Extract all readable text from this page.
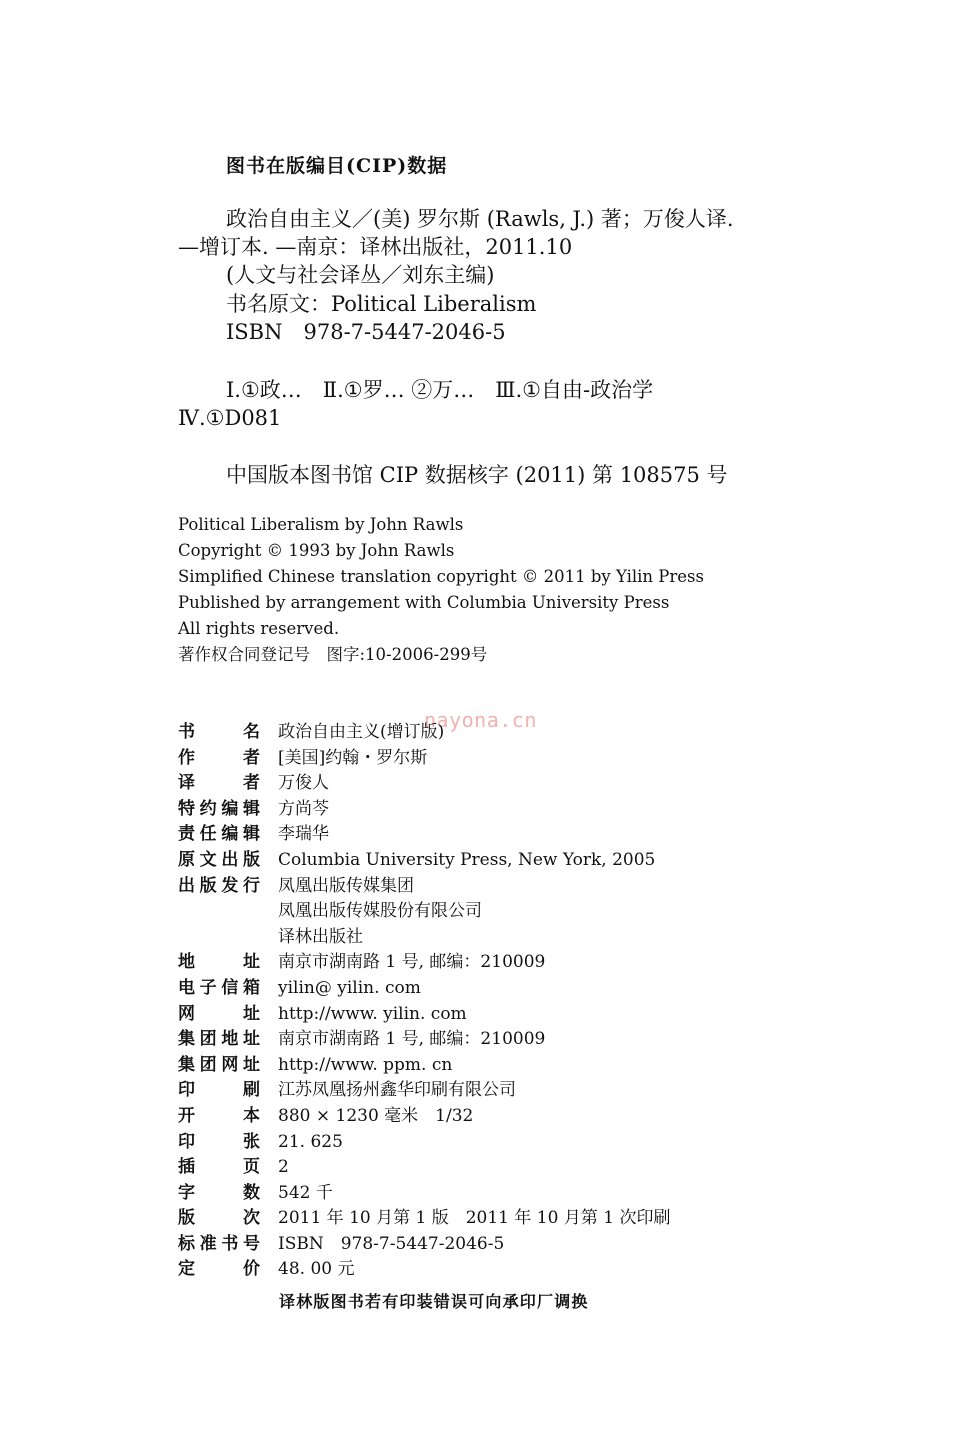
图书在版编目(CIP)数据
政治自由主义／(美) 罗尔斯 (Rawls, J.) 著；万俊人译.
—增订本. —南京：译林出版社，2011.10
(人文与社会译丛／刘东主编)
书名原文：Political Liberalism
ISBN　978-7-5447-2046-5
Ⅰ.①政…　Ⅱ.①罗… ②万…　Ⅲ.①自由-政治学
Ⅳ.①D081
中国版本图书馆 CIP 数据核字 (2011) 第 108575 号
Political Liberalism by John Rawls
Copyright © 1993 by John Rawls
Simplified Chinese translation copyright © 2011 by Yilin Press
Published by arrangement with Columbia University Press
All rights reserved.
著作权合同登记号　图字:10-2006-299号
nayona.cn
书	名 政治自由主义(增订版)
作	者 [美国]约翰・罗尔斯
译	者 万俊人
特 约 编 辑 方尚芩
责 任 编 辑 李瑞华
原 文 出 版 Columbia University Press, New York, 2005
出 版 发 行 凤凰出版传媒集团
凤凰出版传媒股份有限公司
译林出版社
地	址 南京市湖南路 1 号, 邮编：210009
电 子 信 箱 yilin@ yilin. com
网	址 http://www. yilin. com
集 团 地 址 南京市湖南路 1 号, 邮编：210009
集 团 网 址 http://www. ppm. cn
印	刷 江苏凤凰扬州鑫华印刷有限公司
开	本 880 × 1230 毫米　1/32
印	张 21. 625
插	页 2
字	数 542 千
版	次 2011 年 10 月第 1 版　2011 年 10 月第 1 次印刷
标 准 书 号 ISBN　978-7-5447-2046-5
定	价 48. 00 元
译林版图书若有印装错误可向承印厂调换
